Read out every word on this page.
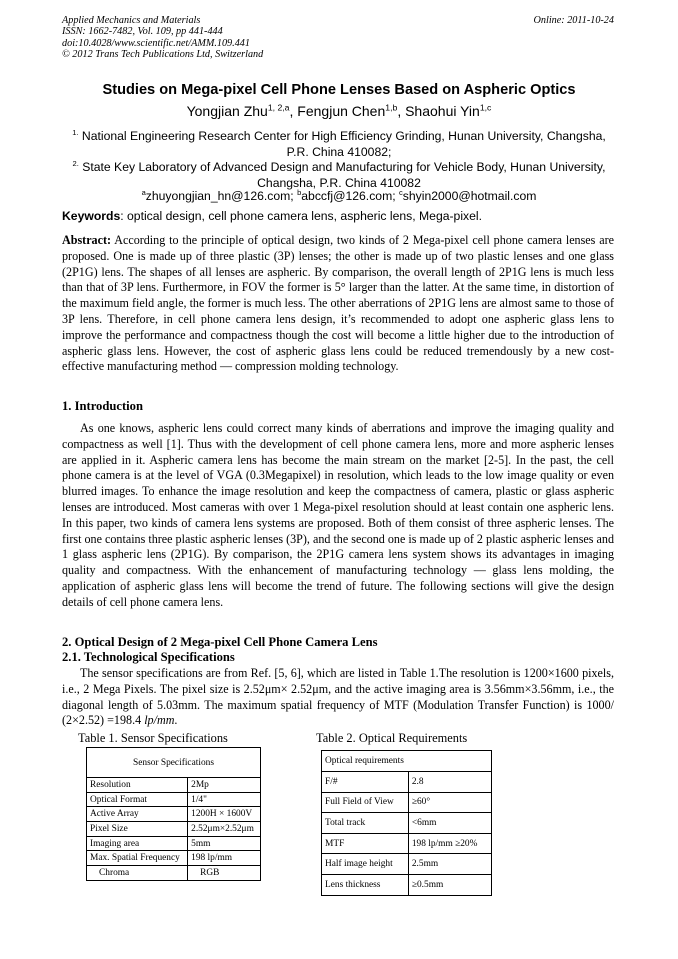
Applied Mechanics and Materials
ISSN: 1662-7482, Vol. 109, pp 441-444
doi:10.4028/www.scientific.net/AMM.109.441
© 2012 Trans Tech Publications Ltd, Switzerland
Online: 2011-10-24
Studies on Mega-pixel Cell Phone Lenses Based on Aspheric Optics
Yongjian Zhu$^{1, 2,a}$, Fengjun Chen$^{1,b}$, Shaohui Yin$^{1,c}$
$^{1.}$ National Engineering Research Center for High Efficiency Grinding, Hunan University, Changsha, P.R. China 410082;
$^{2.}$ State Key Laboratory of Advanced Design and Manufacturing for Vehicle Body, Hunan University, Changsha, P.R. China 410082
$^a$zhuyongjian_hn@126.com; $^b$abccfj@126.com; $^c$shyin2000@hotmail.com
Keywords: optical design, cell phone camera lens, aspheric lens, Mega-pixel.
Abstract: According to the principle of optical design, two kinds of 2 Mega-pixel cell phone camera lenses are proposed. One is made up of three plastic (3P) lenses; the other is made up of two plastic lenses and one glass (2P1G) lens. The shapes of all lenses are aspheric. By comparison, the overall length of 2P1G lens is much less than that of 3P lens. Furthermore, in FOV the former is 5° larger than the latter. At the same time, in distortion of the maximum field angle, the former is much less. The other aberrations of 2P1G lens are almost same to those of 3P lens. Therefore, in cell phone camera lens design, it’s recommended to adopt one aspheric glass lens to improve the performance and compactness though the cost will become a little higher due to the introduction of aspheric glass lens. However, the cost of aspheric glass lens could be reduced tremendously by a new cost-effective manufacturing method — compression molding technology.
1. Introduction
As one knows, aspheric lens could correct many kinds of aberrations and improve the imaging quality and compactness as well [1]. Thus with the development of cell phone camera lens, more and more aspheric lenses are applied in it. Aspheric camera lens has become the main stream on the market [2-5]. In the past, the cell phone camera is at the level of VGA (0.3Megapixel) in resolution, which leads to the low image quality or even blurred images. To enhance the image resolution and keep the compactness of camera, plastic or glass aspheric lenses are introduced. Most cameras with over 1 Mega-pixel resolution should at least contain one aspheric lens. In this paper, two kinds of camera lens systems are proposed. Both of them consist of three aspheric lenses. The first one contains three plastic aspheric lenses (3P), and the second one is made up of 2 plastic aspheric lenses and 1 glass aspheric lens (2P1G). By comparison, the 2P1G camera lens system shows its advantages in imaging quality and compactness. With the enhancement of manufacturing technology — glass lens molding, the application of aspheric glass lens will become the trend of future. The following sections will give the design details of cell phone camera lens.
2. Optical Design of 2 Mega-pixel Cell Phone Camera Lens
2.1. Technological Specifications
The sensor specifications are from Ref. [5, 6], which are listed in Table 1.The resolution is 1200×1600 pixels, i.e., 2 Mega Pixels. The pixel size is 2.52μm× 2.52μm, and the active imaging area is 3.56mm×3.56mm, i.e., the diagonal length of 5.03mm. The maximum spatial frequency of MTF (Modulation Transfer Function) is 1000/ (2×2.52) =198.4 lp/mm.
Table 1. Sensor Specifications	Table 2. Optical Requirements
Sensor Specifications	
Resolution	2Mp
Optical Format	1/4"
Active Array	1200H × 1600V
Pixel Size	2.52μm×2.52μm
Imaging area	5mm
Max. Spatial Frequency	198 lp/mm
Chroma	RGB
Optical requirements	
F/#	2.8
Full Field of View	≥60°
Total track	<6mm
MTF	198 lp/mm ≥20%
Half image height	2.5mm
Lens thickness	≥0.5mm
